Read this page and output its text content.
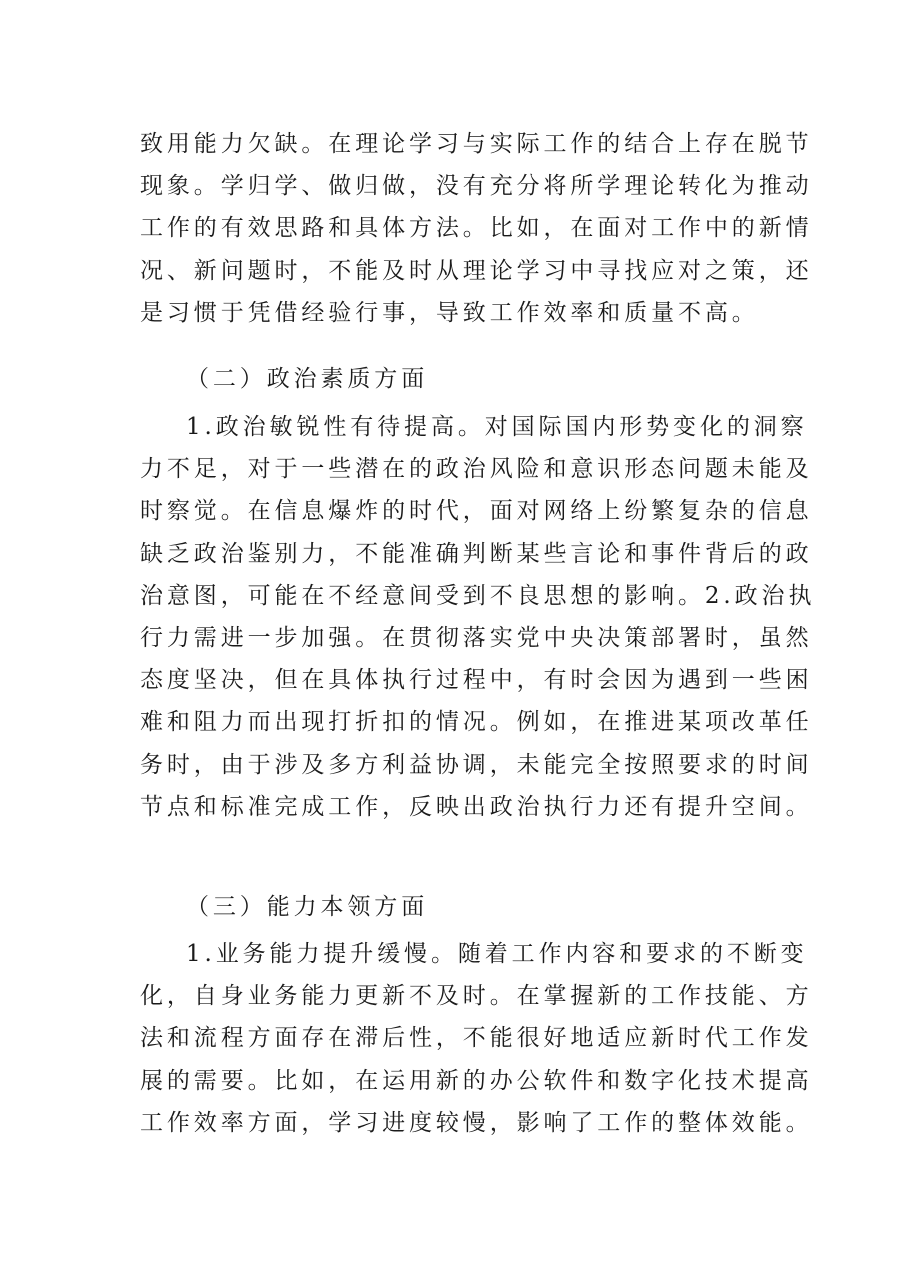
致用能力欠缺。在理论学习与实际工作的结合上存在脱节
现象。学归学、做归做，没有充分将所学理论转化为推动
工作的有效思路和具体方法。比如，在面对工作中的新情
况、新问题时，不能及时从理论学习中寻找应对之策，还
是习惯于凭借经验行事，导致工作效率和质量不高。
（二）政治素质方面
1.政治敏锐性有待提高。对国际国内形势变化的洞察
力不足，对于一些潜在的政治风险和意识形态问题未能及
时察觉。在信息爆炸的时代，面对网络上纷繁复杂的信息
缺乏政治鉴别力，不能准确判断某些言论和事件背后的政
治意图，可能在不经意间受到不良思想的影响。2.政治执
行力需进一步加强。在贯彻落实党中央决策部署时，虽然
态度坚决，但在具体执行过程中，有时会因为遇到一些困
难和阻力而出现打折扣的情况。例如，在推进某项改革任
务时，由于涉及多方利益协调，未能完全按照要求的时间
节点和标准完成工作，反映出政治执行力还有提升空间。
（三）能力本领方面
1.业务能力提升缓慢。随着工作内容和要求的不断变
化，自身业务能力更新不及时。在掌握新的工作技能、方
法和流程方面存在滞后性，不能很好地适应新时代工作发
展的需要。比如，在运用新的办公软件和数字化技术提高
工作效率方面，学习进度较慢，影响了工作的整体效能。
